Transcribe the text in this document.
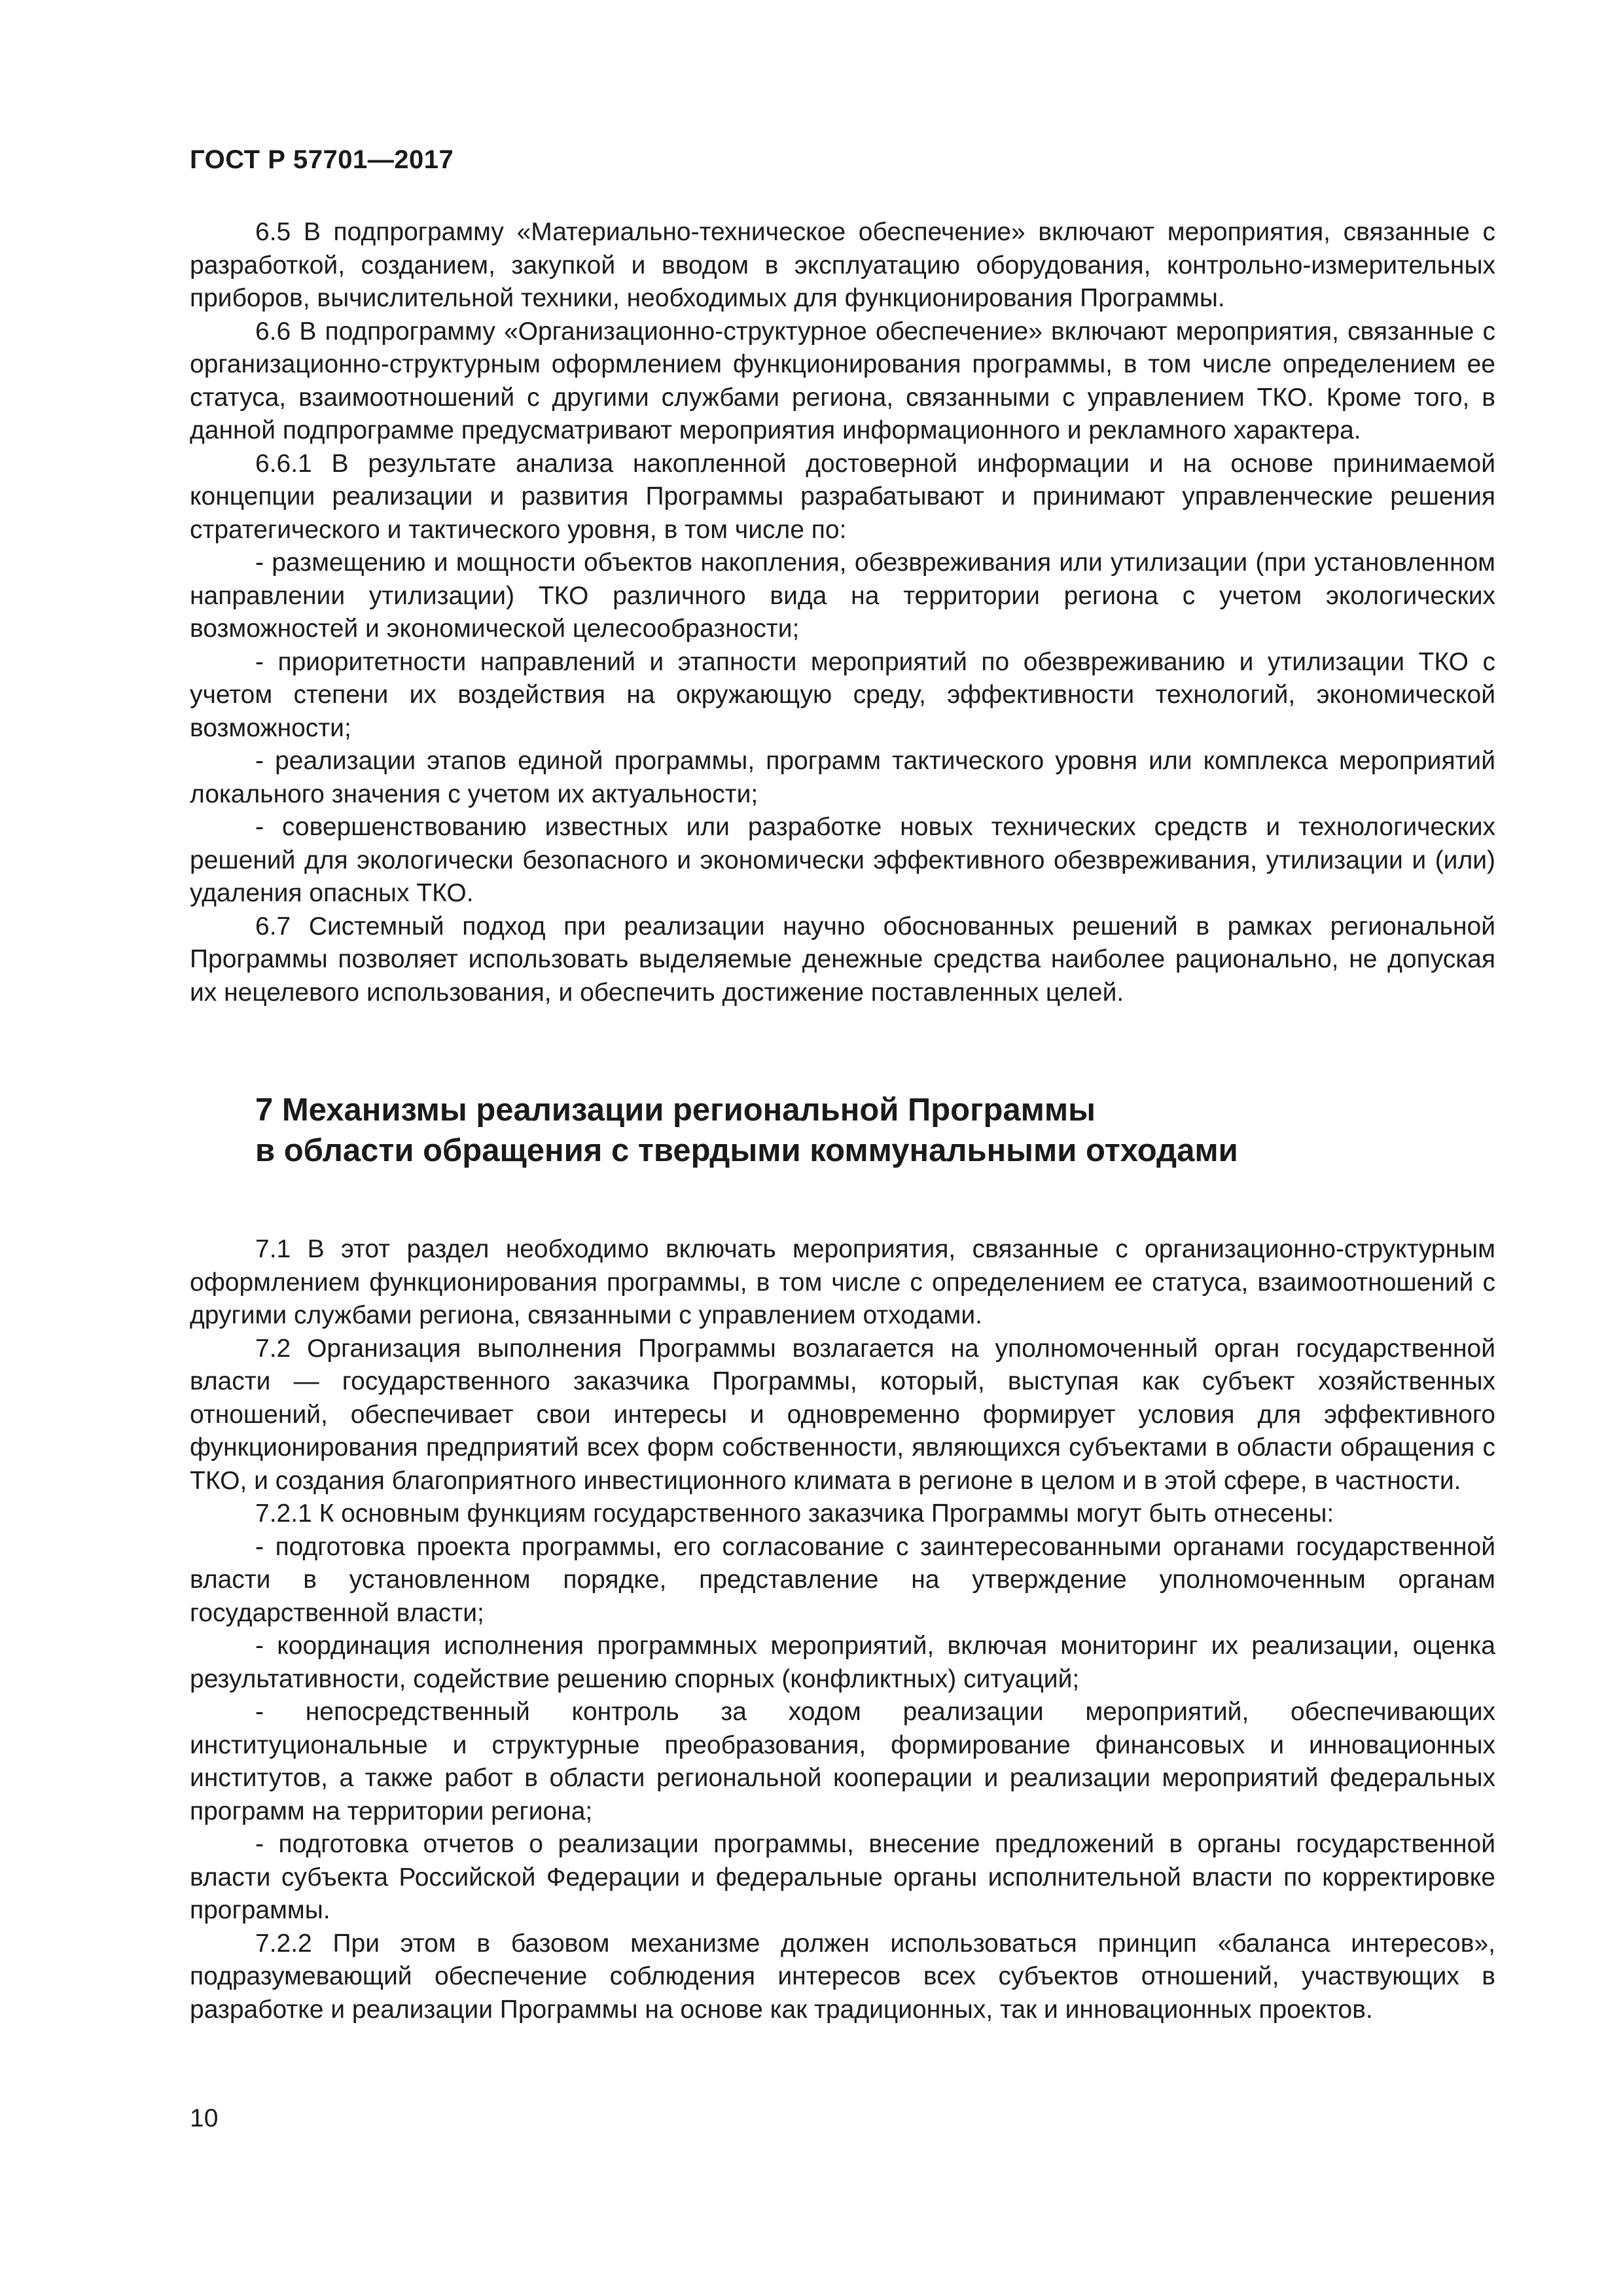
ГОСТ Р 57701—2017

6.5 В подпрограмму «Материально-техническое обеспечение» включают мероприятия, связанные с разработкой, созданием, закупкой и вводом в эксплуатацию оборудования, контрольно-измерительных приборов, вычислительной техники, необходимых для функционирования Программы.

6.6 В подпрограмму «Организационно-структурное обеспечение» включают мероприятия, связанные с организационно-структурным оформлением функционирования программы, в том числе определением ее статуса, взаимоотношений с другими службами региона, связанными с управлением ТКО. Кроме того, в данной подпрограмме предусматривают мероприятия информационного и рекламного характера.

6.6.1 В результате анализа накопленной достоверной информации и на основе принимаемой концепции реализации и развития Программы разрабатывают и принимают управленческие решения стратегического и тактического уровня, в том числе по:

- размещению и мощности объектов накопления, обезвреживания или утилизации (при установленном направлении утилизации) ТКО различного вида на территории региона с учетом экологических возможностей и экономической целесообразности;

- приоритетности направлений и этапности мероприятий по обезвреживанию и утилизации ТКО с учетом степени их воздействия на окружающую среду, эффективности технологий, экономической возможности;

- реализации этапов единой программы, программ тактического уровня или комплекса мероприятий локального значения с учетом их актуальности;

- совершенствованию известных или разработке новых технических средств и технологических решений для экологически безопасного и экономически эффективного обезвреживания, утилизации и (или) удаления опасных ТКО.

6.7 Системный подход при реализации научно обоснованных решений в рамках региональной Программы позволяет использовать выделяемые денежные средства наиболее рационально, не допуская их нецелевого использования, и обеспечить достижение поставленных целей.

7 Механизмы реализации региональной Программы
в области обращения с твердыми коммунальными отходами

7.1 В этот раздел необходимо включать мероприятия, связанные с организационно-структурным оформлением функционирования программы, в том числе с определением ее статуса, взаимоотношений с другими службами региона, связанными с управлением отходами.

7.2 Организация выполнения Программы возлагается на уполномоченный орган государственной власти — государственного заказчика Программы, который, выступая как субъект хозяйственных отношений, обеспечивает свои интересы и одновременно формирует условия для эффективного функционирования предприятий всех форм собственности, являющихся субъектами в области обращения с ТКО, и создания благоприятного инвестиционного климата в регионе в целом и в этой сфере, в частности.

7.2.1 К основным функциям государственного заказчика Программы могут быть отнесены:

- подготовка проекта программы, его согласование с заинтересованными органами государственной власти в установленном порядке, представление на утверждение уполномоченным органам государственной власти;

- координация исполнения программных мероприятий, включая мониторинг их реализации, оценка результативности, содействие решению спорных (конфликтных) ситуаций;

- непосредственный контроль за ходом реализации мероприятий, обеспечивающих институциональные и структурные преобразования, формирование финансовых и инновационных институтов, а также работ в области региональной кооперации и реализации мероприятий федеральных программ на территории региона;

- подготовка отчетов о реализации программы, внесение предложений в органы государственной власти субъекта Российской Федерации и федеральные органы исполнительной власти по корректировке программы.

7.2.2 При этом в базовом механизме должен использоваться принцип «баланса интересов», подразумевающий обеспечение соблюдения интересов всех субъектов отношений, участвующих в разработке и реализации Программы на основе как традиционных, так и инновационных проектов.

10
